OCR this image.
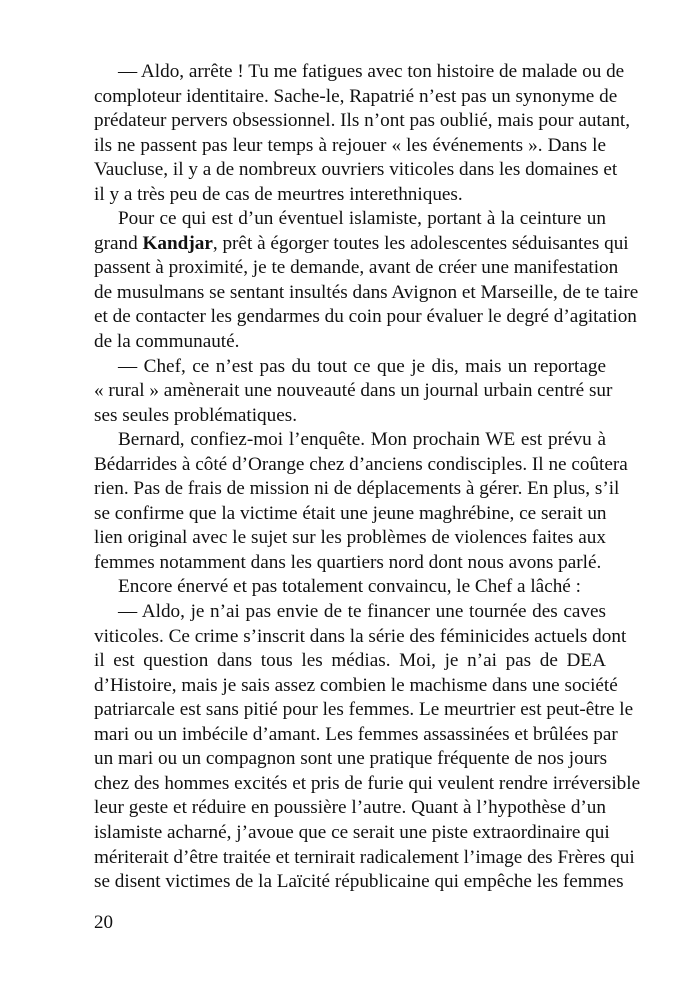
— Aldo, arrête ! Tu me fatigues avec ton histoire de malade ou de
comploteur identitaire. Sache-le, Rapatrié n’est pas un synonyme de
prédateur pervers obsessionnel. Ils n’ont pas oublié, mais pour autant,
ils ne passent pas leur temps à rejouer « les événements ». Dans le
Vaucluse, il y a de nombreux ouvriers viticoles dans les domaines et
il y a très peu de cas de meurtres interethniques.
Pour ce qui est d’un éventuel islamiste, portant à la ceinture un
grand Kandjar, prêt à égorger toutes les adolescentes séduisantes qui
passent à proximité, je te demande, avant de créer une manifestation
de musulmans se sentant insultés dans Avignon et Marseille, de te taire
et de contacter les gendarmes du coin pour évaluer le degré d’agitation
de la communauté.
— Chef, ce n’est pas du tout ce que je dis, mais un reportage
« rural » amènerait une nouveauté dans un journal urbain centré sur
ses seules problématiques.
Bernard, confiez-moi l’enquête. Mon prochain WE est prévu à
Bédarrides à côté d’Orange chez d’anciens condisciples. Il ne coûtera
rien. Pas de frais de mission ni de déplacements à gérer. En plus, s’il
se confirme que la victime était une jeune maghrébine, ce serait un
lien original avec le sujet sur les problèmes de violences faites aux
femmes notamment dans les quartiers nord dont nous avons parlé.
Encore énervé et pas totalement convaincu, le Chef a lâché :
— Aldo, je n’ai pas envie de te financer une tournée des caves
viticoles. Ce crime s’inscrit dans la série des féminicides actuels dont
il est question dans tous les médias. Moi, je n’ai pas de DEA
d’Histoire, mais je sais assez combien le machisme dans une société
patriarcale est sans pitié pour les femmes. Le meurtrier est peut-être le
mari ou un imbécile d’amant. Les femmes assassinées et brûlées par
un mari ou un compagnon sont une pratique fréquente de nos jours
chez des hommes excités et pris de furie qui veulent rendre irréversible
leur geste et réduire en poussière l’autre. Quant à l’hypothèse d’un
islamiste acharné, j’avoue que ce serait une piste extraordinaire qui
mériterait d’être traitée et ternirait radicalement l’image des Frères qui
se disent victimes de la Laïcité républicaine qui empêche les femmes
20
